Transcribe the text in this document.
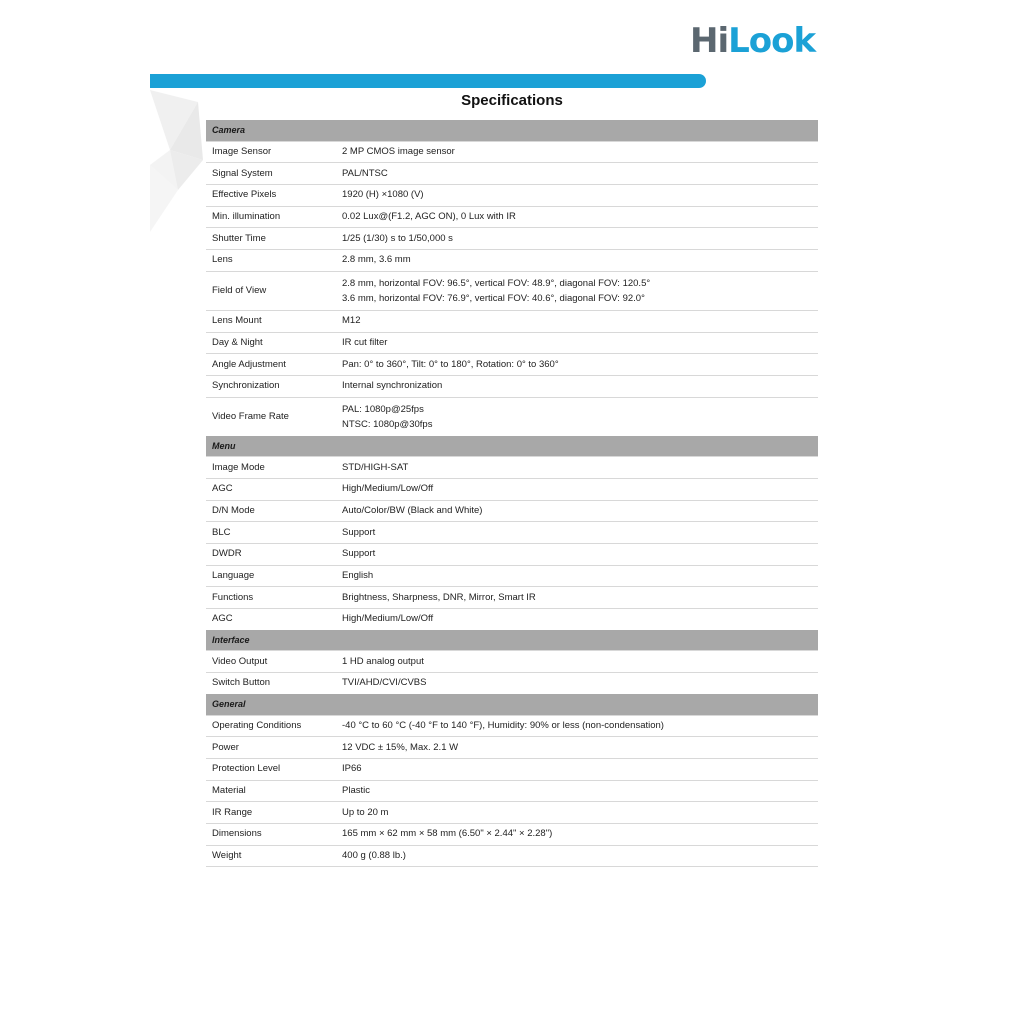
HiLook
Specifications
Camera	
Image Sensor	2 MP CMOS image sensor

Signal System	PAL/NTSC

Effective Pixels	1920 (H) ×1080 (V)

Min. illumination	0.02 Lux@(F1.2, AGC ON), 0 Lux with IR

Shutter Time	1/25 (1/30) s to 1/50,000 s

Lens	2.8 mm, 3.6 mm

Field of View	2.8 mm, horizontal FOV: 96.5°, vertical FOV: 48.9°, diagonal FOV: 120.5°
3.6 mm, horizontal FOV: 76.9°, vertical FOV: 40.6°, diagonal FOV: 92.0°

Lens Mount	M12

Day & Night	IR cut filter

Angle Adjustment	Pan: 0° to 360°, Tilt: 0° to 180°, Rotation: 0° to 360°

Synchronization	Internal synchronization

Video Frame Rate	PAL: 1080p@25fps
NTSC: 1080p@30fps

Menu	
Image Mode	STD/HIGH-SAT

AGC	High/Medium/Low/Off

D/N Mode	Auto/Color/BW (Black and White)

BLC	Support

DWDR	Support

Language	English

Functions	Brightness, Sharpness, DNR, Mirror, Smart IR

AGC	High/Medium/Low/Off

Interface	
Video Output	1 HD analog output

Switch Button	TVI/AHD/CVI/CVBS

General	
Operating Conditions	-40 °C to 60 °C (-40 °F to 140 °F), Humidity: 90% or less (non-condensation)

Power	12 VDC ± 15%, Max. 2.1 W

Protection Level	IP66

Material	Plastic

IR Range	Up to 20 m

Dimensions	165 mm × 62 mm × 58 mm (6.50" × 2.44" × 2.28")

Weight	400 g (0.88 lb.)
